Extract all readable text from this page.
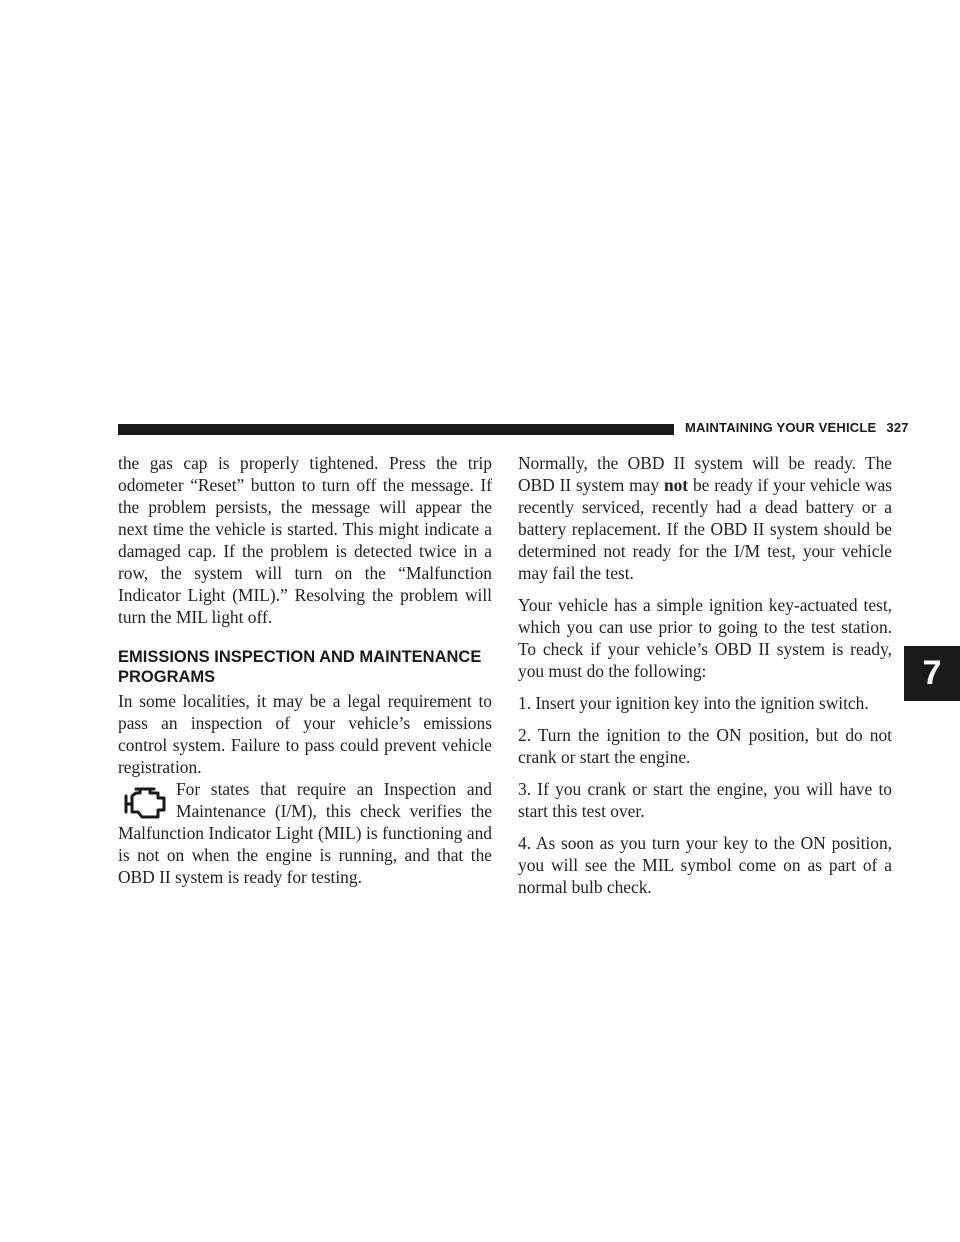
MAINTAINING YOUR VEHICLE 327

the gas cap is properly tightened. Press the trip odometer “Reset” button to turn off the message. If the problem persists, the message will appear the next time the vehicle is started. This might indicate a damaged cap. If the problem is detected twice in a row, the system will turn on the “Malfunction Indicator Light (MIL).” Resolving the problem will turn the MIL light off.

EMISSIONS INSPECTION AND MAINTENANCE PROGRAMS

In some localities, it may be a legal requirement to pass an inspection of your vehicle’s emissions control system. Failure to pass could prevent vehicle registration.

For states that require an Inspection and Maintenance (I/M), this check verifies the Malfunction Indicator Light (MIL) is functioning and is not on when the engine is running, and that the OBD II system is ready for testing.

Normally, the OBD II system will be ready. The OBD II system may not be ready if your vehicle was recently serviced, recently had a dead battery or a battery replacement. If the OBD II system should be determined not ready for the I/M test, your vehicle may fail the test.

Your vehicle has a simple ignition key-actuated test, which you can use prior to going to the test station. To check if your vehicle’s OBD II system is ready, you must do the following:

1. Insert your ignition key into the ignition switch.

2. Turn the ignition to the ON position, but do not crank or start the engine.

3. If you crank or start the engine, you will have to start this test over.

4. As soon as you turn your key to the ON position, you will see the MIL symbol come on as part of a normal bulb check.

7
